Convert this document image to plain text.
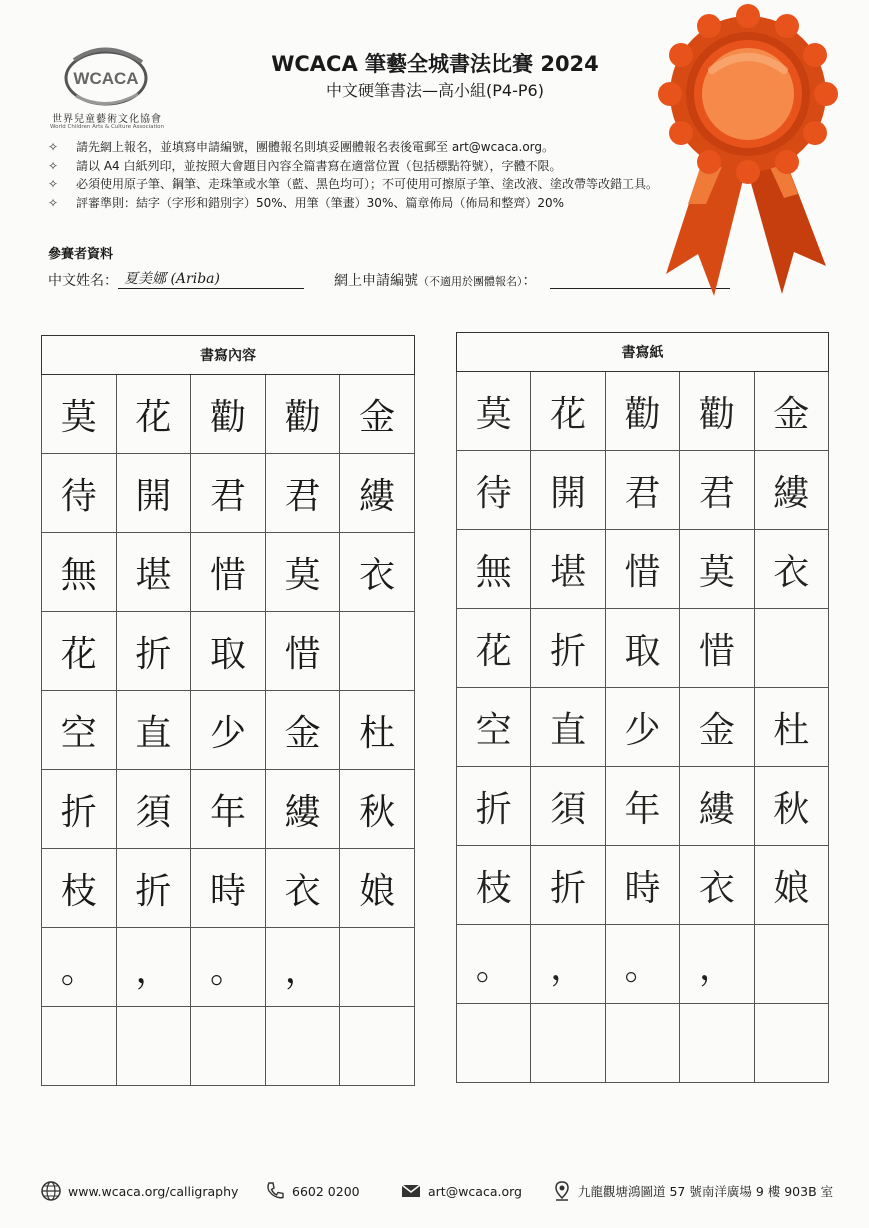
WCACA
世界兒童藝術文化協會
World Children Arts & Culture Association
WCACA 筆藝全城書法比賽 2024
中文硬筆書法—高小組(P4-P6)
✧ 請先網上報名，並填寫申請編號，團體報名則填妥團體報名表後電郵至 art@wcaca.org。
✧ 請以 A4 白紙列印，並按照大會題目內容全篇書寫在適當位置（包括標點符號），字體不限。
✧ 必須使用原子筆、鋼筆、走珠筆或水筆（藍、黑色均可）；不可使用可擦原子筆、塗改液、塗改帶等改錯工具。
✧ 評審準則：結字（字形和錯別字）50%、用筆（筆畫）30%、篇章佈局（佈局和整齊）20%
參賽者資料
中文姓名： 夏美娜 (Ariba)	網上申請編號（不適用於團體報名）：
書寫內容				
莫	花	勸	勸	金
待	開	君	君	縷
無	堪	惜	莫	衣
花	折	取	惜	
空	直	少	金	杜
折	須	年	縷	秋
枝	折	時	衣	娘
。	，	。	，	

書寫紙				
莫	花	勸	勸	金
待	開	君	君	縷
無	堪	惜	莫	衣
花	折	取	惜	
空	直	少	金	杜
折	須	年	縷	秋
枝	折	時	衣	娘
。	，	。	，	

www.wcaca.org/calligraphy	6602 0200	art@wcaca.org	九龍觀塘鴻圖道 57 號南洋廣場 9 樓 903B 室
